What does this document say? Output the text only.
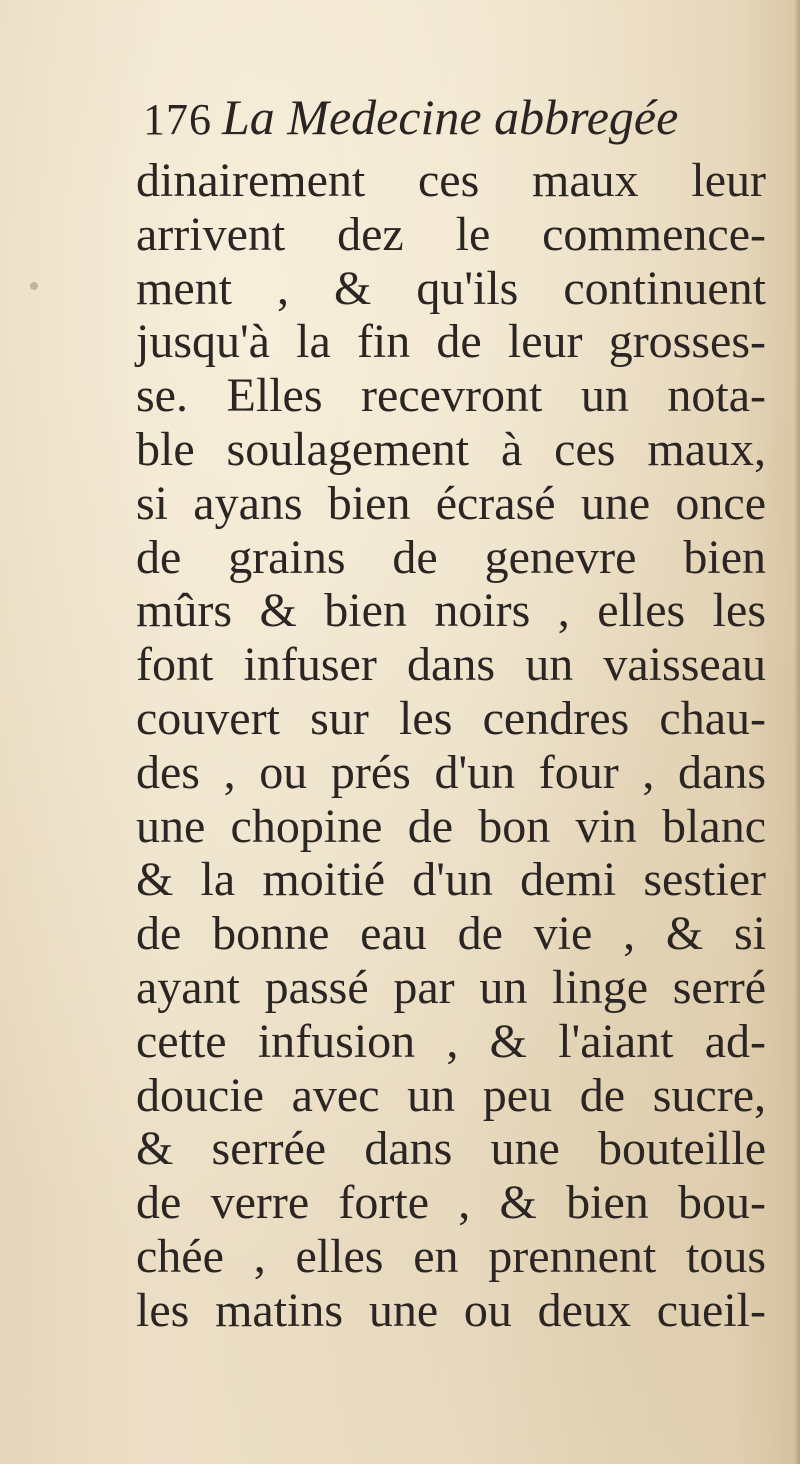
176 La Medecine abbregée
dinairement ces maux leur
arrivent dez le commence-
ment , & qu'ils continuent
jusqu'à la fin de leur grosses-
se. Elles recevront un nota-
ble soulagement à ces maux,
si ayans bien écrasé une once
de grains de genevre bien
mûrs & bien noirs , elles les
font infuser dans un vaisseau
couvert sur les cendres chau-
des , ou prés d'un four , dans
une chopine de bon vin blanc
& la moitié d'un demi sestier
de bonne eau de vie , & si
ayant passé par un linge serré
cette infusion , & l'aiant ad-
doucie avec un peu de sucre,
& serrée dans une bouteille
de verre forte , & bien bou-
chée , elles en prennent tous
les matins une ou deux cueil-
